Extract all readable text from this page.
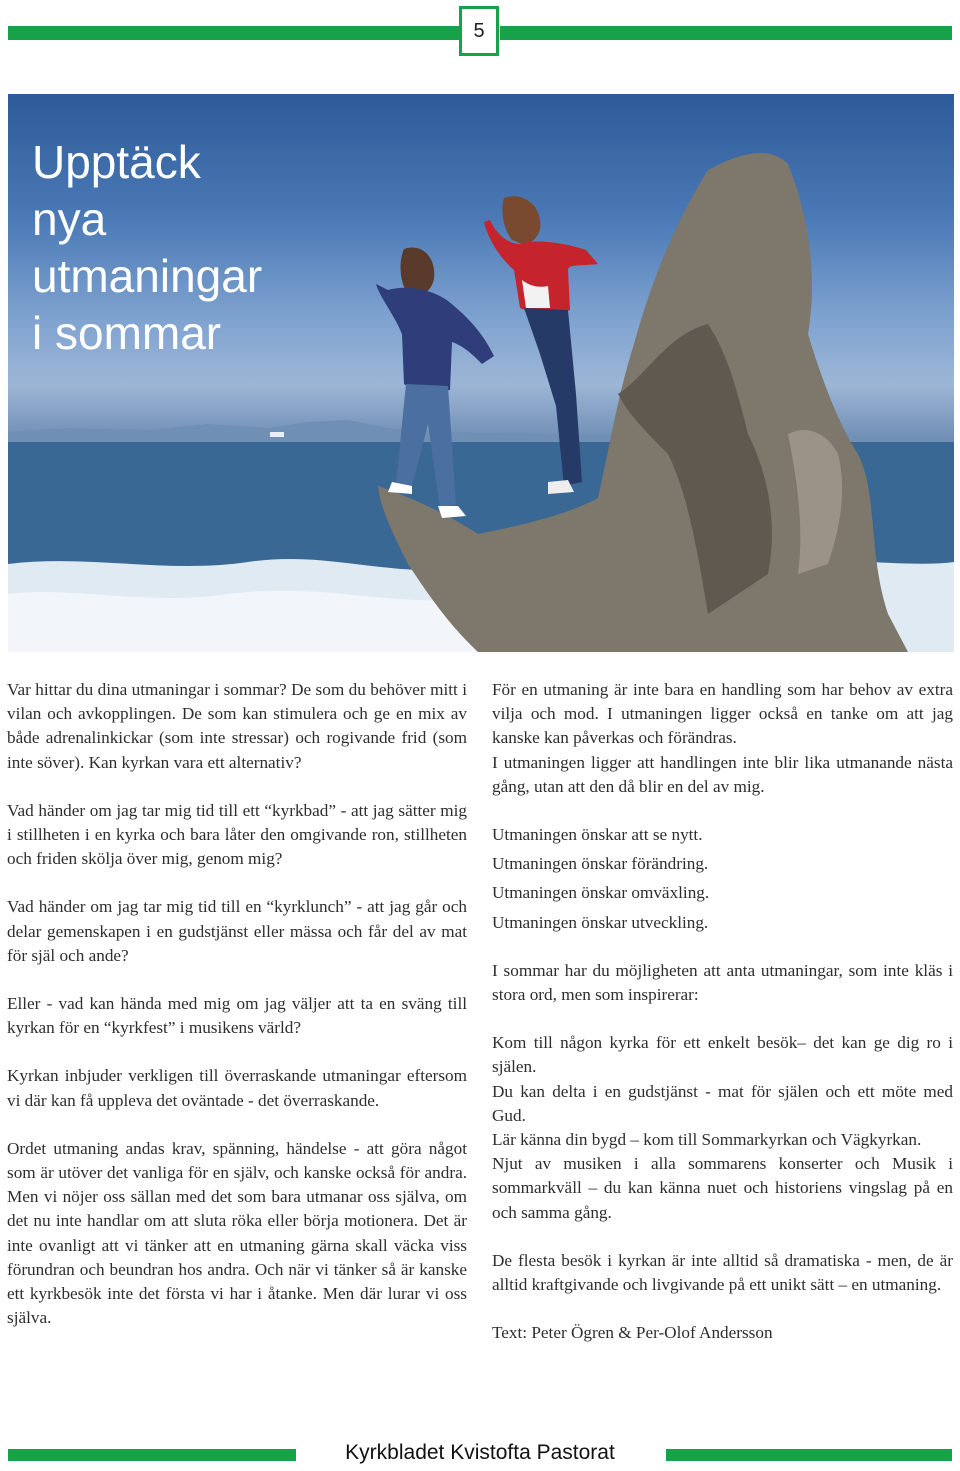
5
Upptäck
nya
utmaningar
i sommar

Var hittar du dina utmaningar i sommar? De som du behöver mitt i vilan och avkopplingen. De som kan stimulera och ge en mix av både adrenalinkickar (som inte stressar) och rogivande frid (som inte söver). Kan kyrkan vara ett alternativ?

Vad händer om jag tar mig tid till ett “kyrkbad” - att jag sätter mig i stillheten i en kyrka och bara låter den omgivande ron, stillheten och friden skölja över mig, genom mig?

Vad händer om jag tar mig tid till en “kyrklunch” - att jag går och delar gemenskapen i en gudstjänst eller mässa och får del av mat för själ och ande?

Eller - vad kan hända med mig om jag väljer att ta en sväng till kyrkan för en “kyrkfest” i musikens värld?

Kyrkan inbjuder verkligen till överraskande utmaningar eftersom vi där kan få uppleva det oväntade - det överraskande.

Ordet utmaning andas krav, spänning, händelse - att göra något som är utöver det vanliga för en själv, och kanske också för andra. Men vi nöjer oss sällan med det som bara utmanar oss själva, om det nu inte handlar om att sluta röka eller börja motionera. Det är inte ovanligt att vi tänker att en utmaning gärna skall väcka viss förundran och beundran hos andra. Och när vi tänker så är kanske ett kyrkbesök inte det första vi har i åtanke. Men där lurar vi oss själva.

För en utmaning är inte bara en handling som har behov av extra vilja och mod. I utmaningen ligger också en tanke om att jag kanske kan påverkas och förändras.
I utmaningen ligger att handlingen inte blir lika utmanande nästa gång, utan att den då blir en del av mig.

Utmaningen önskar att se nytt.
Utmaningen önskar förändring.
Utmaningen önskar omväxling.
Utmaningen önskar utveckling.

I sommar har du möjligheten att anta utmaningar, som inte kläs i stora ord, men som inspirerar:

Kom till någon kyrka för ett enkelt besök– det kan ge dig ro i själen.
Du kan delta i en gudstjänst - mat för själen och ett möte med Gud.
Lär känna din bygd – kom till Sommarkyrkan och Vägkyrkan.
Njut av musiken i alla sommarens konserter och Musik i sommarkväll – du kan känna nuet och historiens vingslag på en och samma gång.

De flesta besök i kyrkan är inte alltid så dramatiska - men, de är alltid kraftgivande och livgivande på ett unikt sätt – en utmaning.

Text: Peter Ögren & Per-Olof Andersson

Kyrkbladet Kvistofta Pastorat
